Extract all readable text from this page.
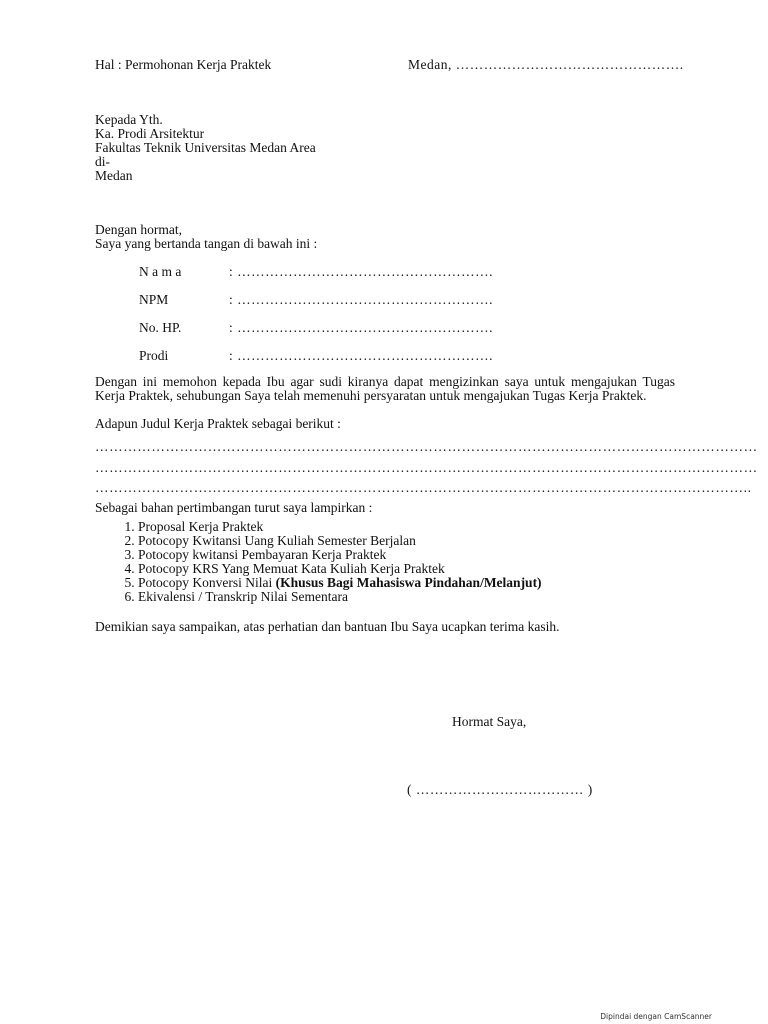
Hal : Permohonan Kerja Praktek	Medan, ………………………………………….
Kepada Yth.
Ka. Prodi Arsitektur
Fakultas Teknik Universitas Medan Area
di-
Medan
Dengan hormat,
Saya yang bertanda tangan di bawah ini :
N a m a	: ……………………………………………….
NPM	: ……………………………………………….
No. HP.	: ……………………………………………….
Prodi	: ……………………………………………….
Dengan ini memohon kepada Ibu agar sudi kiranya dapat mengizinkan saya untuk mengajukan Tugas Kerja Praktek, sehubungan Saya telah memenuhi persyaratan untuk mengajukan Tugas Kerja Praktek.
Adapun Judul Kerja Praktek sebagai berikut :
……………………………………………………………………………………………………………………………
……………………………………………………………………………………………………………………………
…………………………………………………………………………………………………………………………..
Sebagai bahan pertimbangan turut saya lampirkan :
1. Proposal Kerja Praktek
2. Potocopy Kwitansi Uang Kuliah Semester Berjalan
3. Potocopy kwitansi Pembayaran Kerja Praktek
4. Potocopy KRS Yang Memuat Kata Kuliah Kerja Praktek
5. Potocopy Konversi Nilai (Khusus Bagi Mahasiswa Pindahan/Melanjut)
6. Ekivalensi / Transkrip Nilai Sementara
Demikian saya sampaikan, atas perhatian dan bantuan Ibu Saya ucapkan terima kasih.
Hormat Saya,
( ……………………………… )
Dipindai dengan CamScanner
